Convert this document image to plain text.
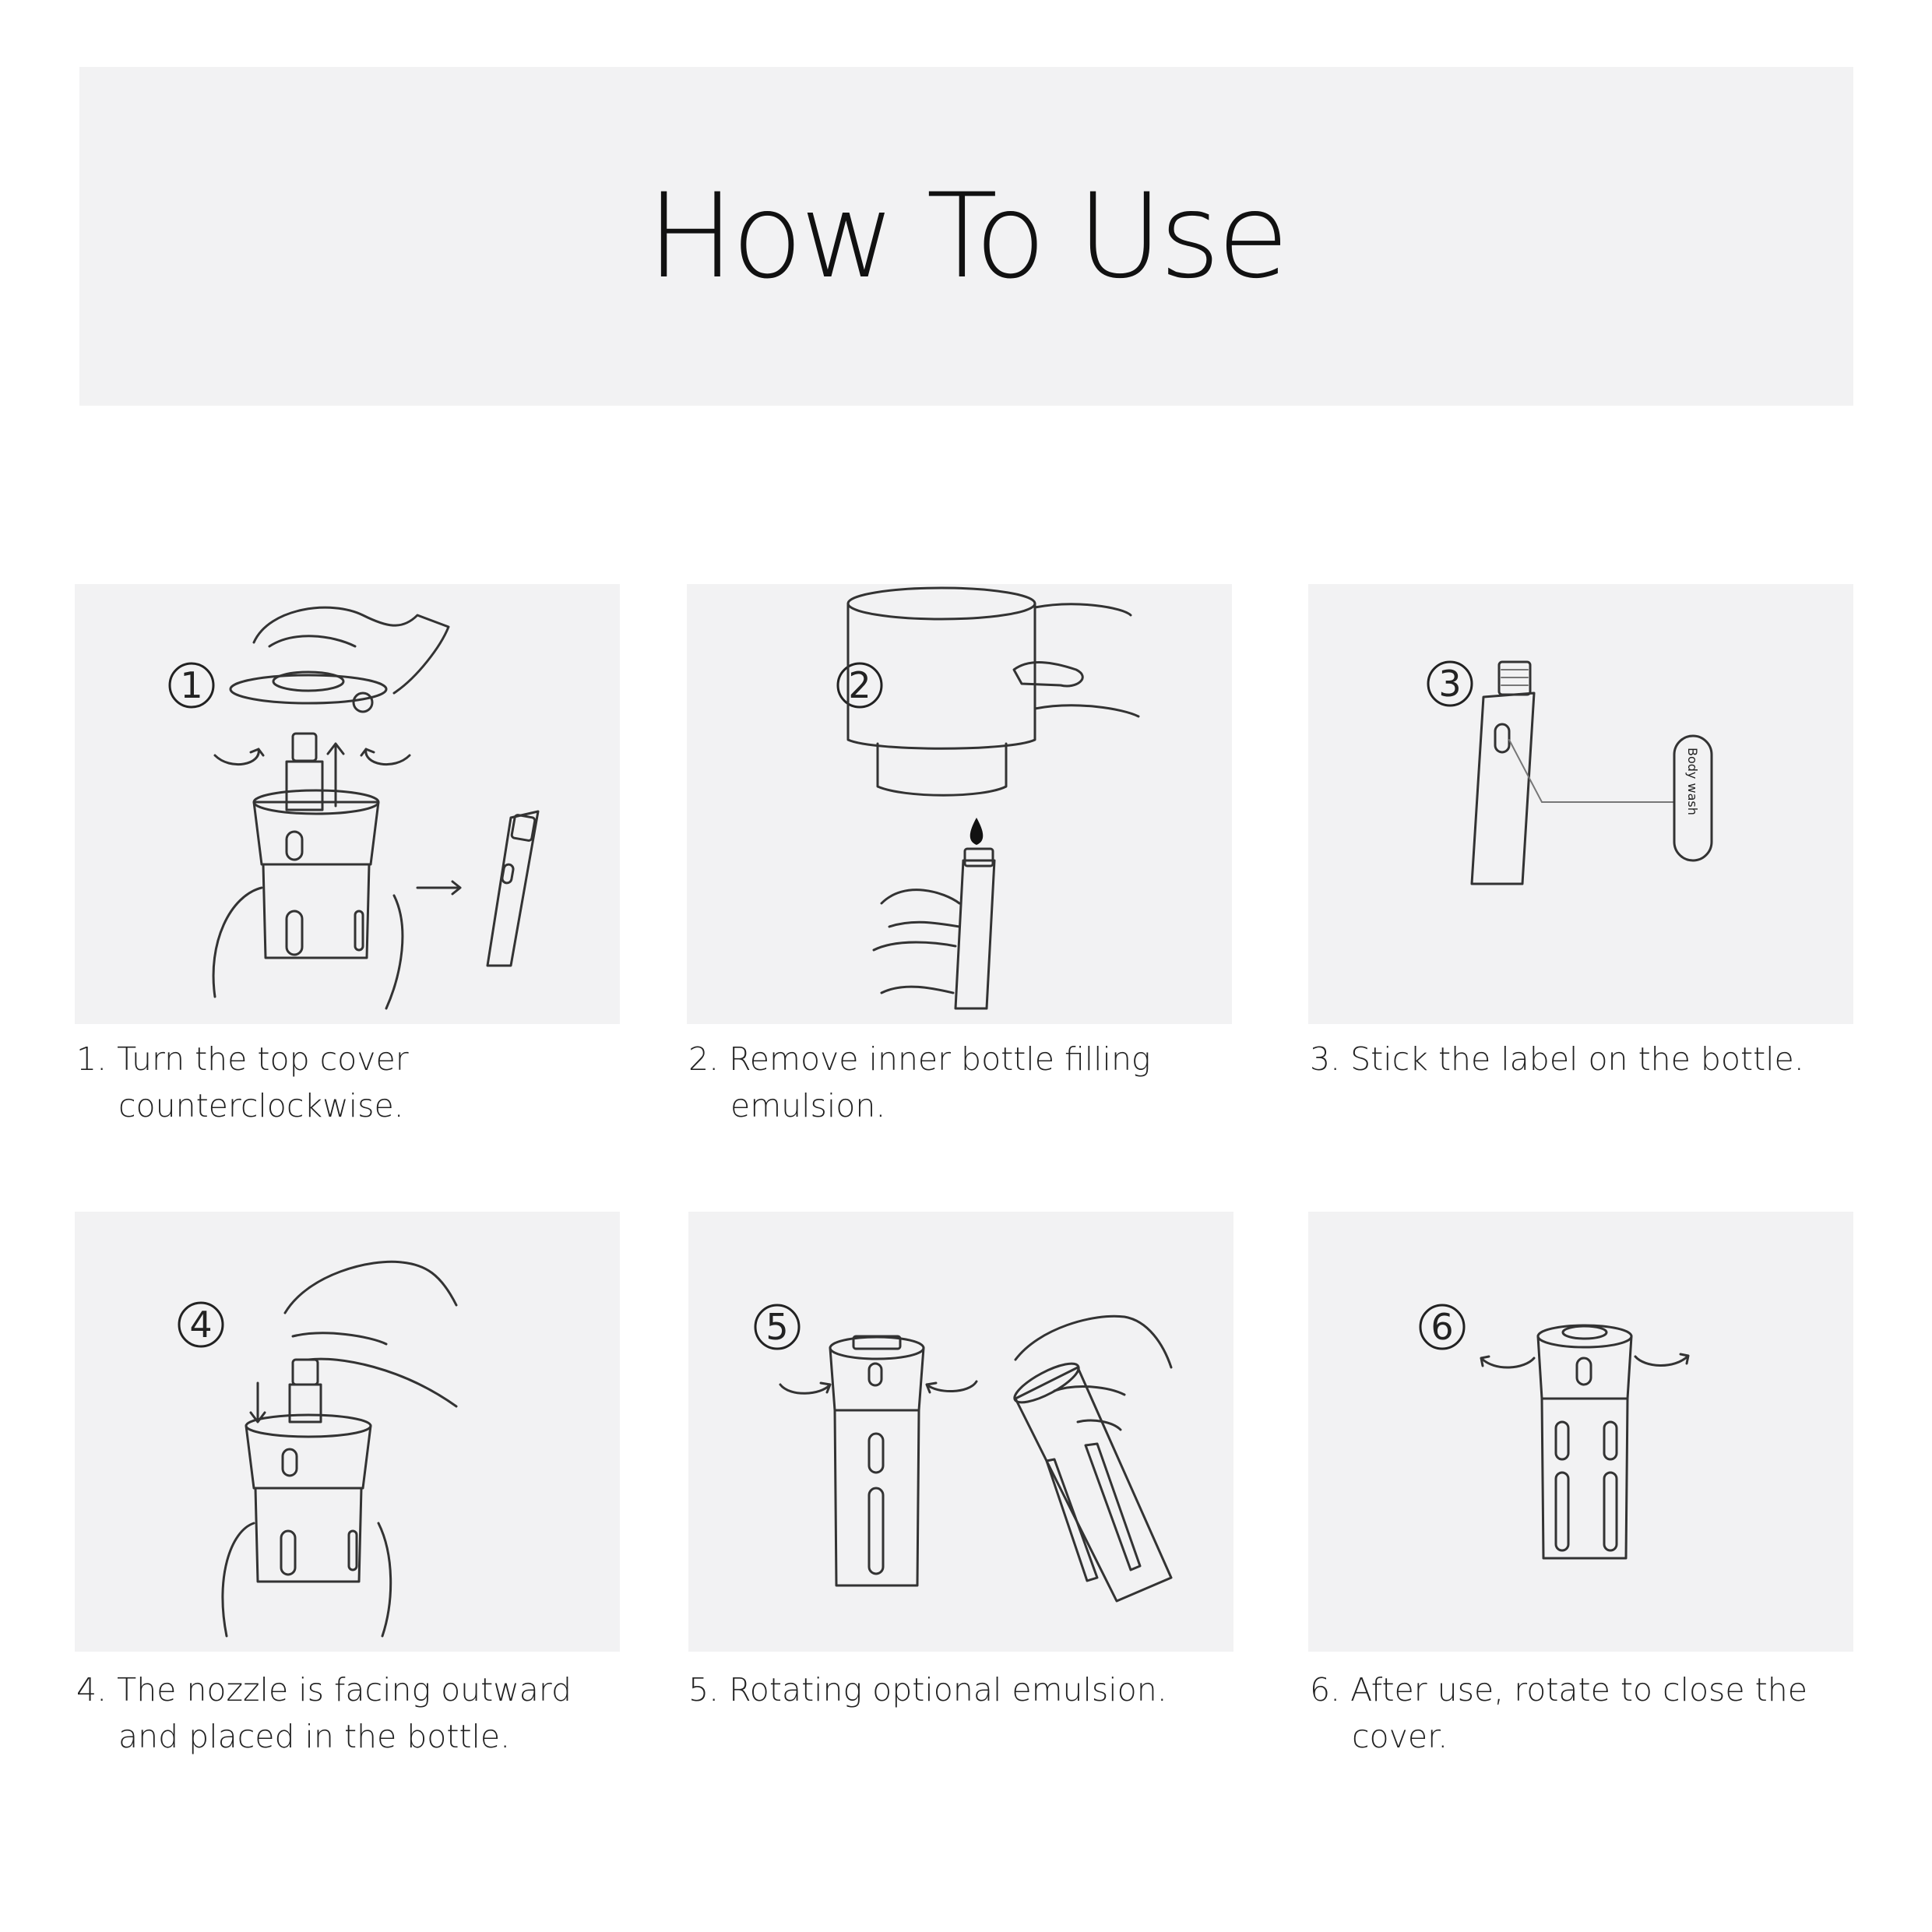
How To Use
1
1. Turn the top cover
counterclockwise.
2
2. Remove inner bottle filling
emulsion.
3
Body wash
3. Stick the label on the bottle.
4
4. The nozzle is facing outward
and placed in the bottle.
5
5. Rotating optional emulsion.
6
6. After use, rotate to close the
cover.
